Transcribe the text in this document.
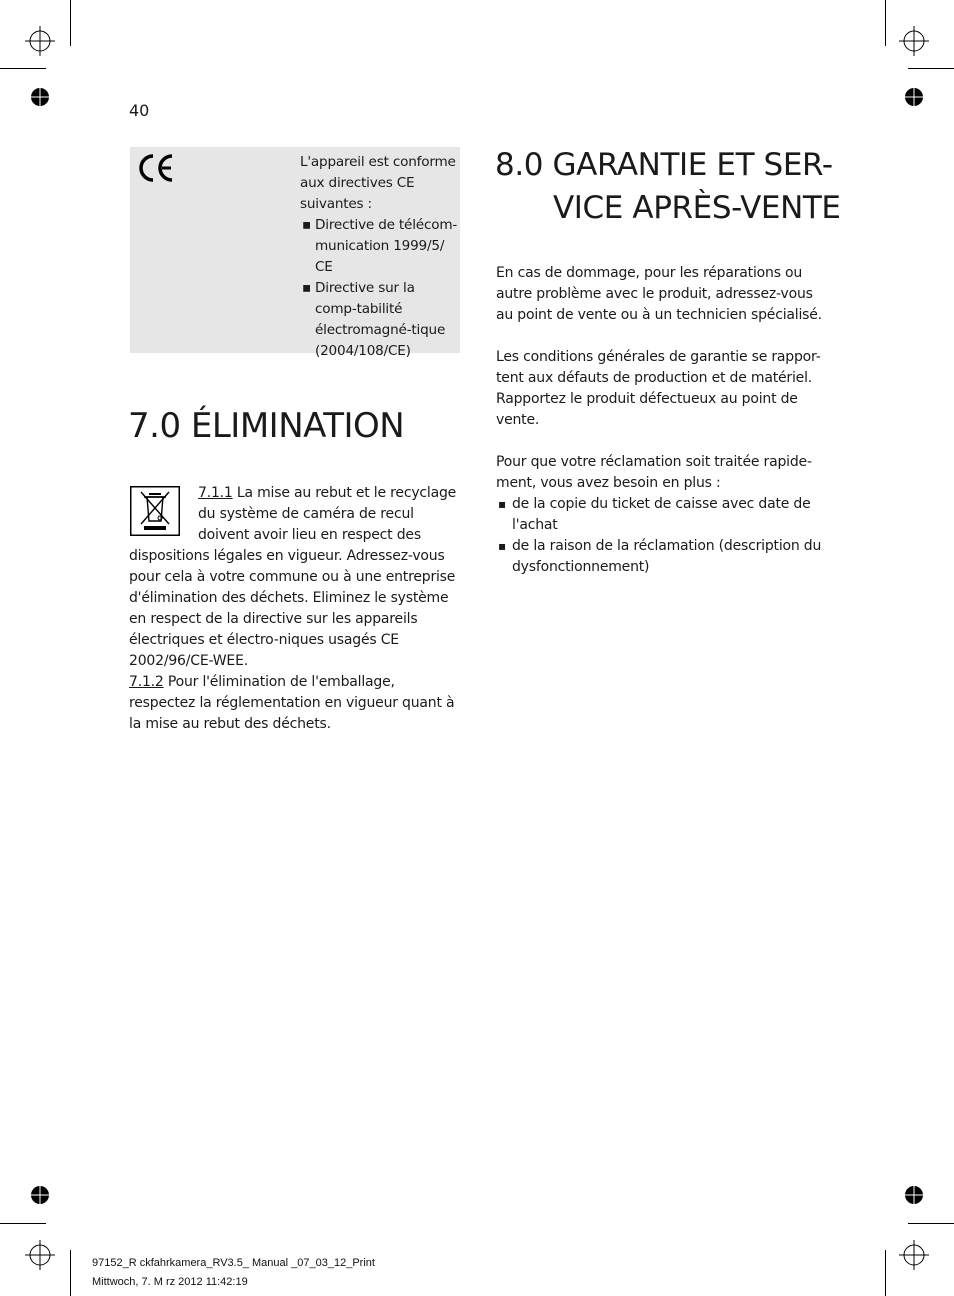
40
L'appareil est conforme aux directives CE suivantes :
▪ Directive de télécom-munication 1999/5/ CE
▪ Directive sur la comp-tabilité électromagné-tique (2004/108/CE)
7.0 ÉLIMINATION

7.1.1 La mise au rebut et le recyclage du système de caméra de recul doivent avoir lieu en respect des dispositions légales en vigueur. Adressez-vous pour cela à votre commune ou à une entreprise d'élimination des déchets. Eliminez le système en respect de la directive sur les appareils électriques et électro-niques usagés CE 2002/96/CE-WEE.

7.1.2 Pour l'élimination de l'emballage, respectez la réglementation en vigueur quant à la mise au rebut des déchets.

8.0 GARANTIE ET SER-
VICE APRÈS-VENTE

En cas de dommage, pour les réparations ou autre problème avec le produit, adressez-vous au point de vente ou à un technicien spécialisé.

Les conditions générales de garantie se rappor-tent aux défauts de production et de matériel. Rapportez le produit défectueux au point de vente.

Pour que votre réclamation soit traitée rapide-ment, vous avez besoin en plus :

▪ de la copie du ticket de caisse avec date de l'achat
▪ de la raison de la réclamation (description du dysfonctionnement)
97152_R ckfahrkamera_RV3.5_ Manual _07_03_12_Print
Mittwoch, 7. M rz 2012 11:42:19
